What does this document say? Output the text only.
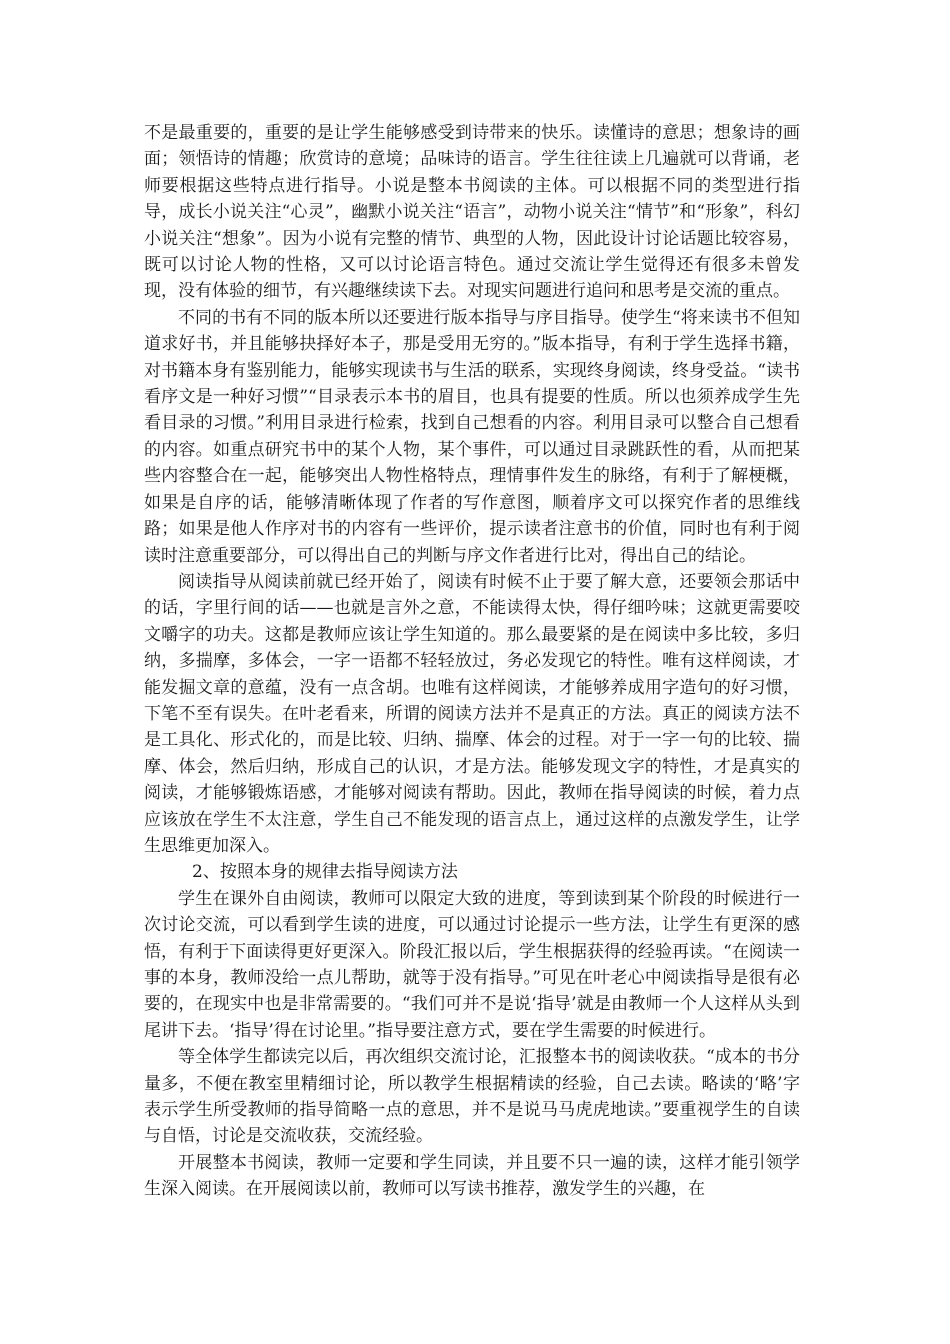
不是最重要的，重要的是让学生能够感受到诗带来的快乐。读懂诗的意思；想象诗的画面；领悟诗的情趣；欣赏诗的意境；品味诗的语言。学生往往读上几遍就可以背诵，老师要根据这些特点进行指导。小说是整本书阅读的主体。可以根据不同的类型进行指导，成长小说关注“心灵”，幽默小说关注“语言”，动物小说关注“情节”和“形象”，科幻小说关注“想象”。因为小说有完整的情节、典型的人物，因此设计讨论话题比较容易，既可以讨论人物的性格，又可以讨论语言特色。通过交流让学生觉得还有很多未曾发现，没有体验的细节，有兴趣继续读下去。对现实问题进行追问和思考是交流的重点。

不同的书有不同的版本所以还要进行版本指导与序目指导。使学生“将来读书不但知道求好书，并且能够抉择好本子，那是受用无穷的。”版本指导，有利于学生选择书籍，对书籍本身有鉴别能力，能够实现读书与生活的联系，实现终身阅读，终身受益。“读书看序文是一种好习惯”“目录表示本书的眉目，也具有提要的性质。所以也须养成学生先看目录的习惯。”利用目录进行检索，找到自己想看的内容。利用目录可以整合自己想看的内容。如重点研究书中的某个人物，某个事件，可以通过目录跳跃性的看，从而把某些内容整合在一起，能够突出人物性格特点，理情事件发生的脉络，有利于了解梗概，如果是自序的话，能够清晰体现了作者的写作意图，顺着序文可以探究作者的思维线路；如果是他人作序对书的内容有一些评价，提示读者注意书的价值，同时也有利于阅读时注意重要部分，可以得出自己的判断与序文作者进行比对，得出自己的结论。

阅读指导从阅读前就已经开始了，阅读有时候不止于要了解大意，还要领会那话中的话，字里行间的话——也就是言外之意，不能读得太快，得仔细吟味；这就更需要咬文嚼字的功夫。这都是教师应该让学生知道的。那么最要紧的是在阅读中多比较，多归纳，多揣摩，多体会，一字一语都不轻轻放过，务必发现它的特性。唯有这样阅读，才能发掘文章的意蕴，没有一点含胡。也唯有这样阅读，才能够养成用字造句的好习惯，下笔不至有误失。在叶老看来，所谓的阅读方法并不是真正的方法。真正的阅读方法不是工具化、形式化的，而是比较、归纳、揣摩、体会的过程。对于一字一句的比较、揣摩、体会，然后归纳，形成自己的认识，才是方法。能够发现文字的特性，才是真实的阅读，才能够锻炼语感，才能够对阅读有帮助。因此，教师在指导阅读的时候，着力点应该放在学生不太注意，学生自己不能发现的语言点上，通过这样的点激发学生，让学生思维更加深入。

2、按照本身的规律去指导阅读方法

学生在课外自由阅读，教师可以限定大致的进度，等到读到某个阶段的时候进行一次讨论交流，可以看到学生读的进度，可以通过讨论提示一些方法，让学生有更深的感悟，有利于下面读得更好更深入。阶段汇报以后，学生根据获得的经验再读。“在阅读一事的本身，教师没给一点儿帮助，就等于没有指导。”可见在叶老心中阅读指导是很有必要的，在现实中也是非常需要的。“我们可并不是说‘指导’就是由教师一个人这样从头到尾讲下去。‘指导’得在讨论里。”指导要注意方式，要在学生需要的时候进行。

等全体学生都读完以后，再次组织交流讨论，汇报整本书的阅读收获。“成本的书分量多，不便在教室里精细讨论，所以教学生根据精读的经验，自己去读。略读的‘略’字表示学生所受教师的指导简略一点的意思，并不是说马马虎虎地读。”要重视学生的自读与自悟，讨论是交流收获，交流经验。

开展整本书阅读，教师一定要和学生同读，并且要不只一遍的读，这样才能引领学生深入阅读。在开展阅读以前，教师可以写读书推荐，激发学生的兴趣，在
